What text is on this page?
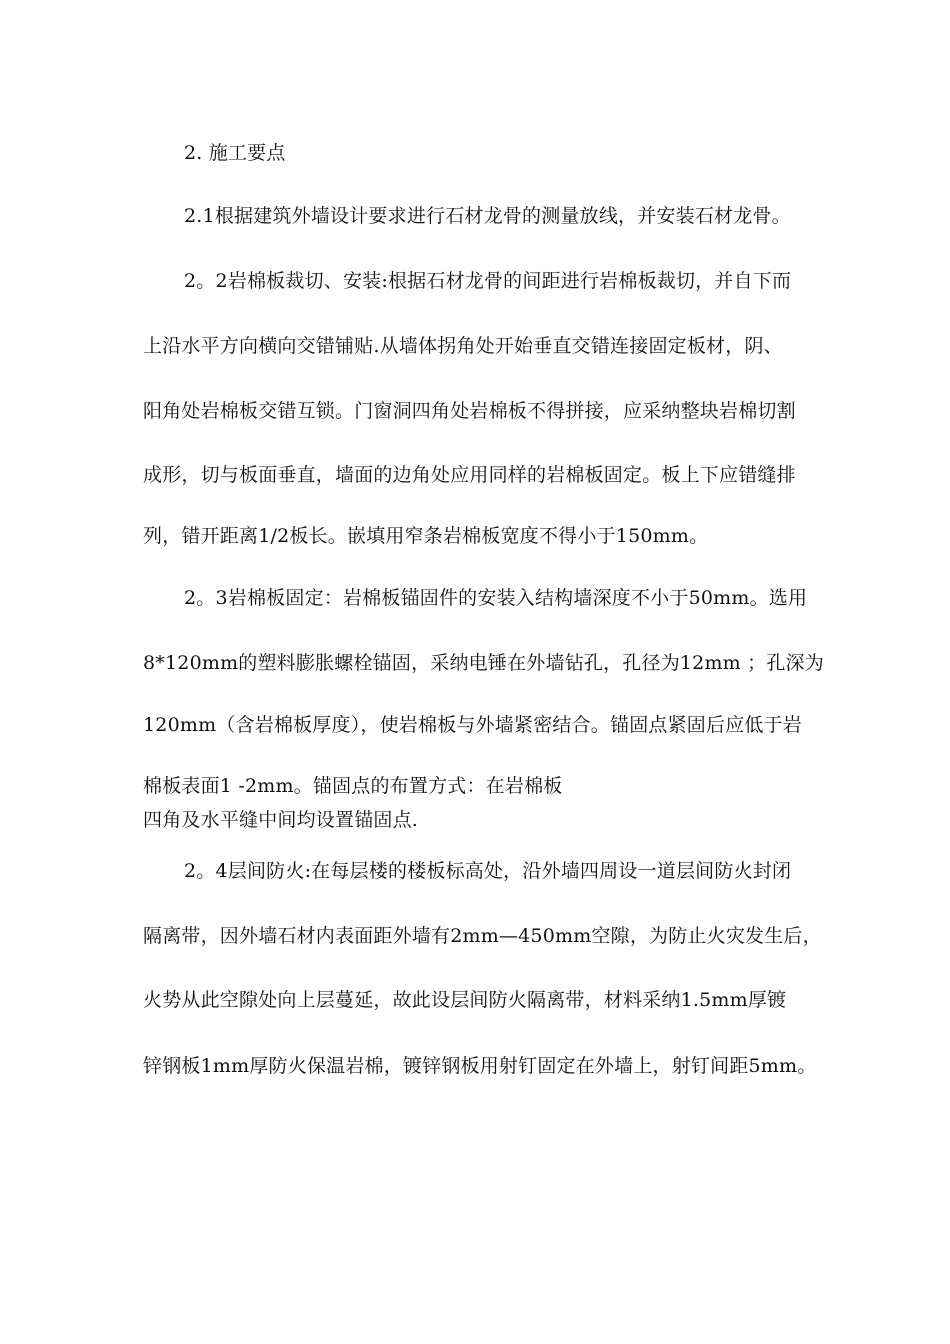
2. 施工要点
2.1根据建筑外墙设计要求进行石材龙骨的测量放线，并安装石材龙骨。
2。2岩棉板裁切、安装:根据石材龙骨的间距进行岩棉板裁切，并自下而
上沿水平方向横向交错铺贴.从墙体拐角处开始垂直交错连接固定板材，阴、
阳角处岩棉板交错互锁。门窗洞四角处岩棉板不得拼接，应采纳整块岩棉切割
成形，切与板面垂直，墙面的边角处应用同样的岩棉板固定。板上下应错缝排
列，错开距离1/2板长。嵌填用窄条岩棉板宽度不得小于150mm。
2。3岩棉板固定：岩棉板锚固件的安装入结构墙深度不小于50mm。选用
8*120mm的塑料膨胀螺栓锚固，采纳电锤在外墙钻孔，孔径为12mm ；孔深为
120mm（含岩棉板厚度），使岩棉板与外墙紧密结合。锚固点紧固后应低于岩
棉板表面1 -2mm。锚固点的布置方式：在岩棉板
四角及水平缝中间均设置锚固点.
2。4层间防火:在每层楼的楼板标高处，沿外墙四周设一道层间防火封闭
隔离带，因外墙石材内表面距外墙有2mm—450mm空隙，为防止火灾发生后，
火势从此空隙处向上层蔓延，故此设层间防火隔离带，材料采纳1.5mm厚镀
锌钢板1mm厚防火保温岩棉，镀锌钢板用射钉固定在外墙上，射钉间距5mm。
